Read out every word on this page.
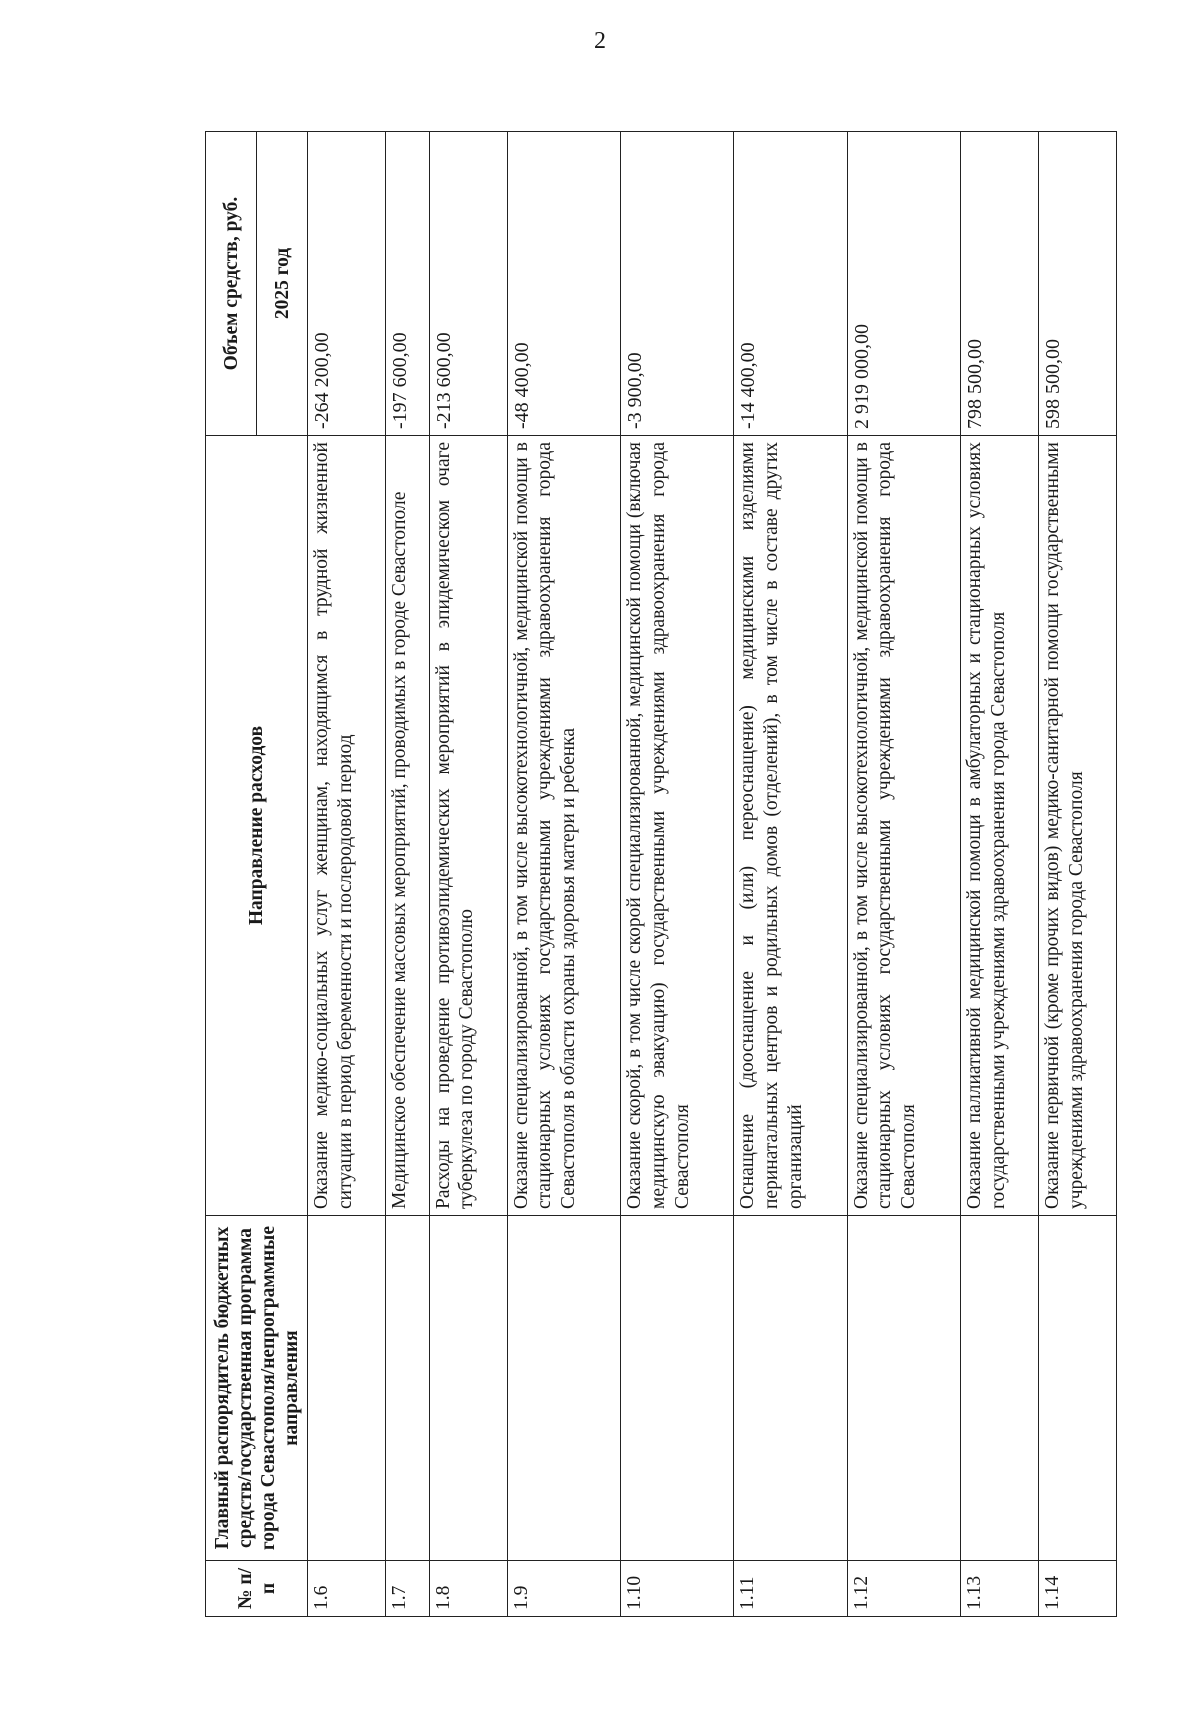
2
№ п/п	Главный распорядитель бюджетных средств/государственная программа города Севастополя/непрограммные направления	Направление расходов	Объем средств, руб.
			2025 год
1.6		Оказание медико-социальных услуг женщинам, находящимся в трудной жизненной ситуации в период беременности и послеродовой период	-264 200,00
1.7		Медицинское обеспечение массовых мероприятий, проводимых в городе Севастополе	-197 600,00
1.8		Расходы на проведение противоэпидемических мероприятий в эпидемическом очаге туберкулеза по городу Севастополю	-213 600,00
1.9		Оказание специализированной, в том числе высокотехнологичной, медицинской помощи в стационарных условиях государственными учреждениями здравоохранения города Севастополя в области охраны здоровья матери и ребенка	-48 400,00
1.10		Оказание скорой, в том числе скорой специализированной, медицинской помощи (включая медицинскую эвакуацию) государственными учреждениями здравоохранения города Севастополя	-3 900,00
1.11		Оснащение (дооснащение и (или) переоснащение) медицинскими изделиями перинатальных центров и родильных домов (отделений), в том числе в составе других организаций	-14 400,00
1.12		Оказание специализированной, в том числе высокотехнологичной, медицинской помощи в стационарных условиях государственными учреждениями здравоохранения города Севастополя	2 919 000,00
1.13		Оказание паллиативной медицинской помощи в амбулаторных и стационарных условиях государственными учреждениями здравоохранения города Севастополя	798 500,00
1.14		Оказание первичной (кроме прочих видов) медико-санитарной помощи государственными учреждениями здравоохранения города Севастополя	598 500,00
